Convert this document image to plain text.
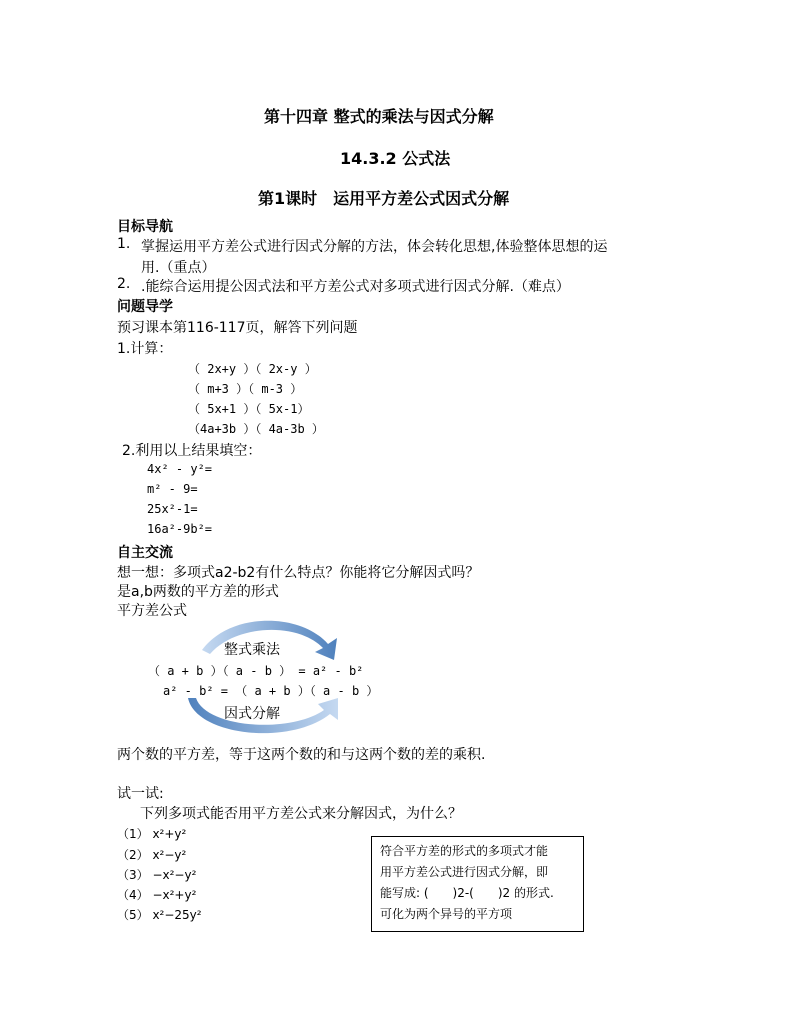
第十四章 整式的乘法与因式分解
14.3.2 公式法
第1课时　运用平方差公式因式分解
目标导航
1. 掌握运用平方差公式进行因式分解的方法，体会转化思想,体验整体思想的运
用.（重点）
2. .能综合运用提公因式法和平方差公式对多项式进行因式分解.（难点）
问题导学
预习课本第116-117页，解答下列问题
1.计算：
（ 2x+y ）（ 2x-y ）
（ m+3 ）（ m-3 ）
（ 5x+1 ）（ 5x-1）
（4a+3b ）（ 4a-3b ）
2.利用以上结果填空：
4x² - y²=
m² - 9=
25x²-1=
16a²-9b²=
自主交流
想一想：多项式a2-b2有什么特点？你能将它分解因式吗？
是a,b两数的平方差的形式
平方差公式
整式乘法
（ a + b ）（ a - b ） = a² - b²
a² - b² = （ a + b ）（ a - b ）
因式分解
两个数的平方差，等于这两个数的和与这两个数的差的乘积.
试一试:
下列多项式能否用平方差公式来分解因式，为什么？
（1） x²+y²
（2） x²−y²
（3） −x²−y²
（4） −x²+y²
（5） x²−25y²
符合平方差的形式的多项式才能
用平方差公式进行因式分解，即
能写成: (　　)2-(　　)2 的形式.
可化为两个异号的平方项
